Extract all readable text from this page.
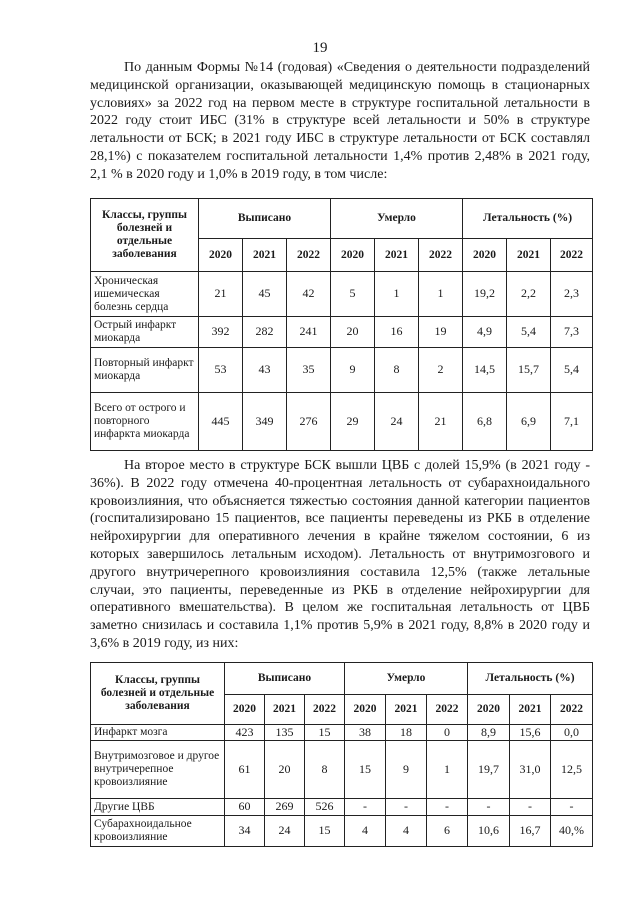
19

По данным Формы №14 (годовая) «Сведения о деятельности подразделений медицинской организации, оказывающей медицинскую помощь в стационарных условиях» за 2022 год на первом месте в структуре госпитальной летальности в 2022 году стоит ИБС (31% в структуре всей летальности и 50% в структуре летальности от БСК; в 2021 году ИБС в структуре летальности от БСК составлял 28,1%) с показателем госпитальной летальности 1,4% против 2,48% в 2021 году, 2,1 % в 2020 году и 1,0% в 2019 году, в том числе:

Классы, группы болезней и отдельные заболевания	Выписано			Умерло			Летальность (%)		
	2020	2021	2022	2020	2021	2022	2020	2021	2022
Хроническая ишемическая болезнь сердца	21	45	42	5	1	1	19,2	2,2	2,3
Острый инфаркт миокарда	392	282	241	20	16	19	4,9	5,4	7,3
Повторный инфаркт миокарда	53	43	35	9	8	2	14,5	15,7	5,4
Всего от острого и повторного инфаркта миокарда	445	349	276	29	24	21	6,8	6,9	7,1

На второе место в структуре БСК вышли ЦВБ с долей 15,9% (в 2021 году - 36%). В 2022 году отмечена 40-процентная летальность от субарахноидального кровоизлияния, что объясняется тяжестью состояния данной категории пациентов (госпитализировано 15 пациентов, все пациенты переведены из РКБ в отделение нейрохирургии для оперативного лечения в крайне тяжелом состоянии, 6 из которых завершилось летальным исходом). Летальность от внутримозгового и другого внутричерепного кровоизлияния составила 12,5% (также летальные случаи, это пациенты, переведенные из РКБ в отделение нейрохирургии для оперативного вмешательства). В целом же госпитальная летальность от ЦВБ заметно снизилась и составила 1,1% против 5,9% в 2021 году, 8,8% в 2020 году и 3,6% в 2019 году, из них:

Классы, группы болезней и отдельные заболевания	Выписано			Умерло			Летальность (%)		
	2020	2021	2022	2020	2021	2022	2020	2021	2022
Инфаркт мозга	423	135	15	38	18	0	8,9	15,6	0,0
Внутримозговое и другое внутричерепное кровоизлияние	61	20	8	15	9	1	19,7	31,0	12,5
Другие ЦВБ	60	269	526	-	-	-	-	-	-
Субарахноидальное кровоизлияние	34	24	15	4	4	6	10,6	16,7	40,%
